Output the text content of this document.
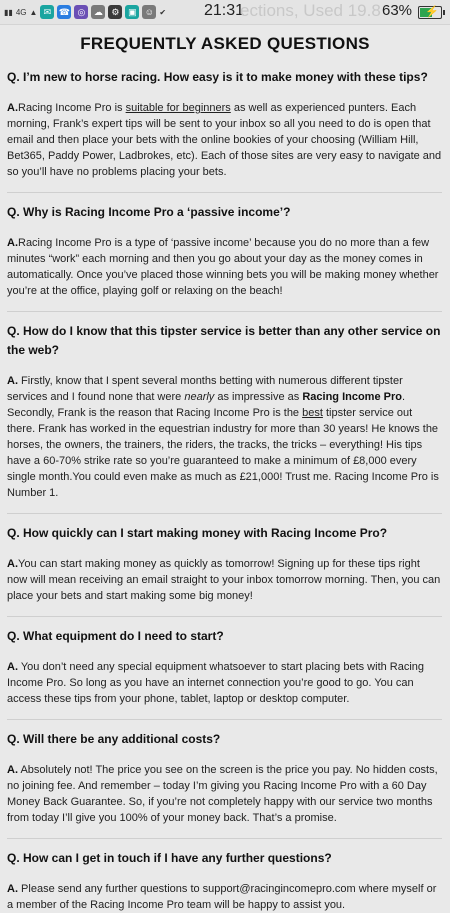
▮▮ 4G ▲ ✉ ☎ ◎ ☁ ⚙ ▣ ☺ ✔ 21:31
ections, Used 19.8 63% ⚡
FREQUENTLY ASKED QUESTIONS

Q. I’m new to horse racing. How easy is it to make money with these tips?

A.Racing Income Pro is suitable for beginners as well as experienced punters. Each morning, Frank’s expert tips will be sent to your inbox so all you need to do is open that email and then place your bets with the online bookies of your choosing (William Hill, Bet365, Paddy Power, Ladbrokes, etc). Each of those sites are very easy to navigate and so you’ll have no problems placing your bets.

Q. Why is Racing Income Pro a ‘passive income’?

A.Racing Income Pro is a type of ‘passive income’ because you do no more than a few minutes “work” each morning and then you go about your day as the money comes in automatically. Once you’ve placed those winning bets you will be making money whether you’re at the office, playing golf or relaxing on the beach!

Q. How do I know that this tipster service is better than any other service on the web?

A. Firstly, know that I spent several months betting with numerous different tipster services and I found none that were nearly as impressive as Racing Income Pro. Secondly, Frank is the reason that Racing Income Pro is the best tipster service out there. Frank has worked in the equestrian industry for more than 30 years! He knows the horses, the owners, the trainers, the riders, the tracks, the tricks – everything! His tips have a 60-70% strike rate so you’re guaranteed to make a minimum of £8,000 every single month.You could even make as much as £21,000! Trust me. Racing Income Pro is Number 1.

Q. How quickly can I start making money with Racing Income Pro?

A.You can start making money as quickly as tomorrow! Signing up for these tips right now will mean receiving an email straight to your inbox tomorrow morning. Then, you can place your bets and start making some big money!

Q. What equipment do I need to start?

A. You don’t need any special equipment whatsoever to start placing bets with Racing Income Pro. So long as you have an internet connection you’re good to go. You can access these tips from your phone, tablet, laptop or desktop computer.

Q. Will there be any additional costs?

A. Absolutely not! The price you see on the screen is the price you pay. No hidden costs, no joining fee. And remember – today I’m giving you Racing Income Pro with a 60 Day Money Back Guarantee. So, if you’re not completely happy with our service two months from today I’ll give you 100% of your money back. That’s a promise.

Q. How can I get in touch if I have any further questions?

A. Please send any further questions to support@racingincomepro.com where myself or a member of the Racing Income Pro team will be happy to assist you.
